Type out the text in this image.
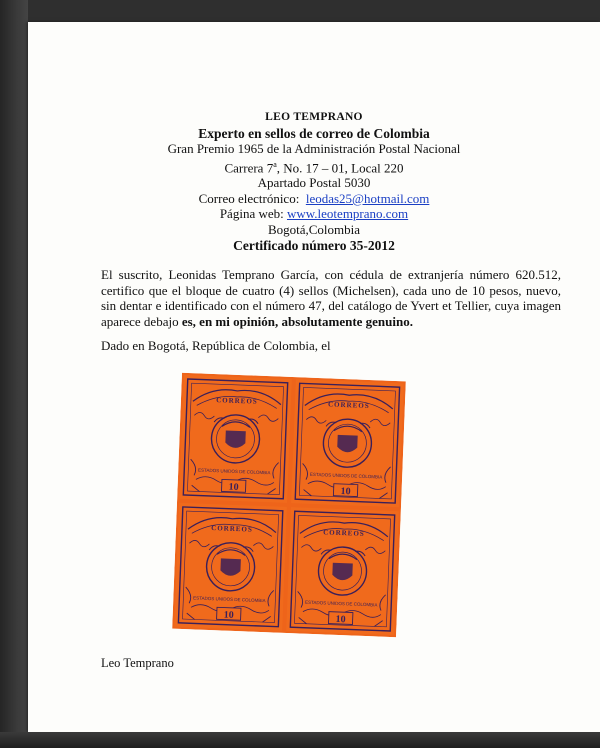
LEO TEMPRANO
Experto en sellos de correo de Colombia
Gran Premio 1965 de la Administración Postal Nacional
Carrera 7$^a$, No. 17 – 01, Local 220
Apartado Postal 5030
Correo electrónico: leodas25@hotmail.com
Página web: www.leotemprano.com
Bogotá,Colombia
Certificado número 35-2012

El suscrito, Leonidas Temprano García, con cédula de extranjería número 620.512, certifico que el bloque de cuatro (4) sellos (Michelsen), cada uno de 10 pesos, nuevo, sin dentar e identificado con el número 47, del catálogo de Yvert et Tellier, cuya imagen aparece debajo es, en mi opinión, absolutamente genuino.

Dado en Bogotá, República de Colombia, el
Leo Temprano
